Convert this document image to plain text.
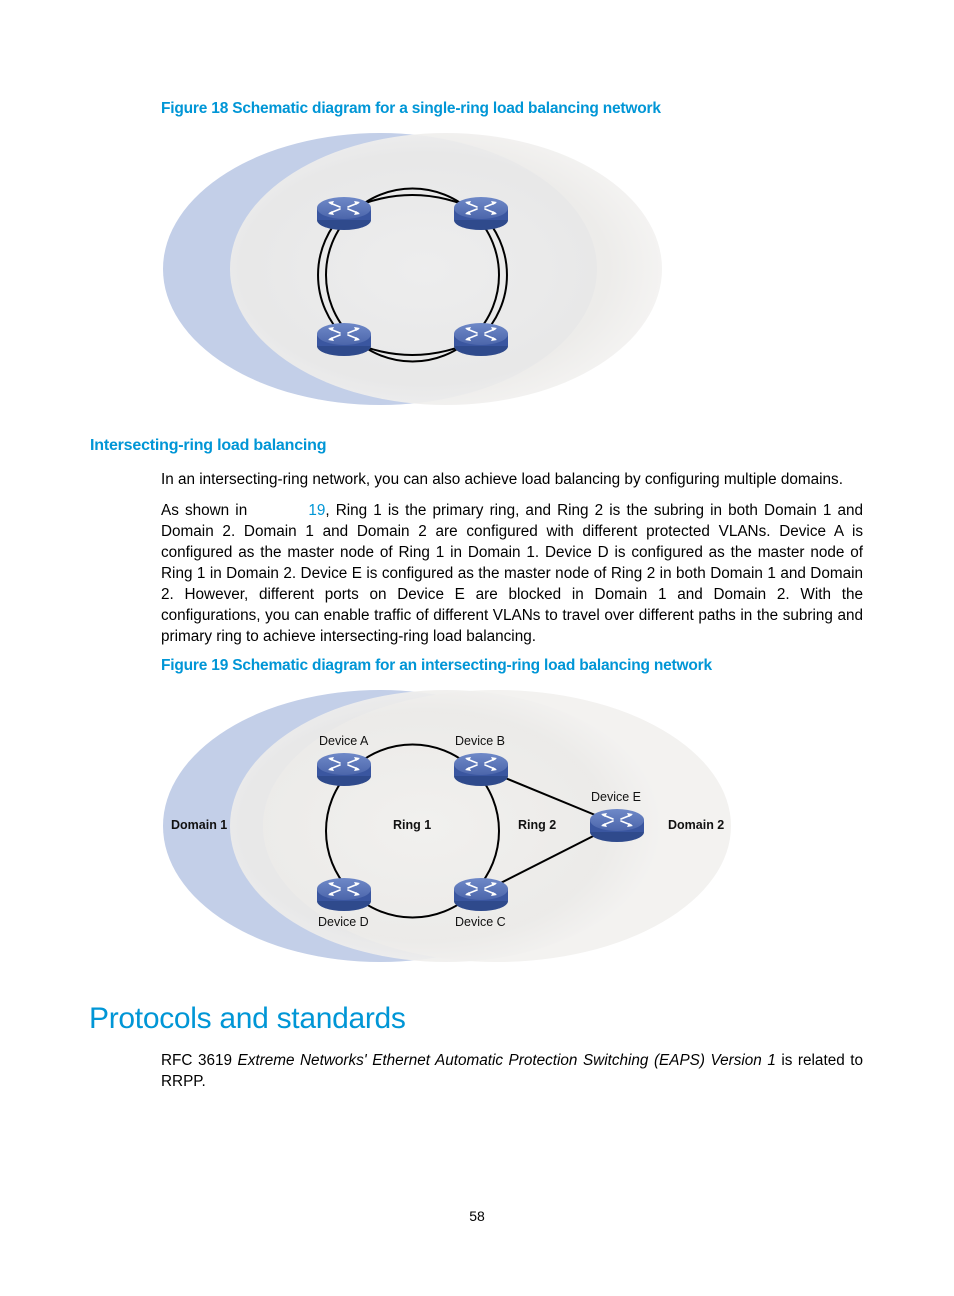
Device A	Device B
Device E
Device D	Device C
Domain 1	Domain 2
Ring 1	Ring 2
Figure 18 Schematic diagram for a single-ring load balancing network
Intersecting-ring load balancing
In an intersecting-ring network, you can also achieve load balancing by configuring multiple domains.
As shown in	19, Ring 1 is the primary ring, and Ring 2 is the subring in both Domain 1 and Domain 2. Domain 1 and Domain 2 are configured with different protected VLANs. Device A is configured as the master node of Ring 1 in Domain 1. Device D is configured as the master node of Ring 1 in Domain 2. Device E is configured as the master node of Ring 2 in both Domain 1 and Domain 2. However, different ports on Device E are blocked in Domain 1 and Domain 2. With the configurations, you can enable traffic of different VLANs to travel over different paths in the subring and primary ring to achieve intersecting-ring load balancing.
Figure 19 Schematic diagram for an intersecting-ring load balancing network
Protocols and standards
RFC 3619 Extreme Networks' Ethernet Automatic Protection Switching (EAPS) Version 1 is related to RRPP.
58
